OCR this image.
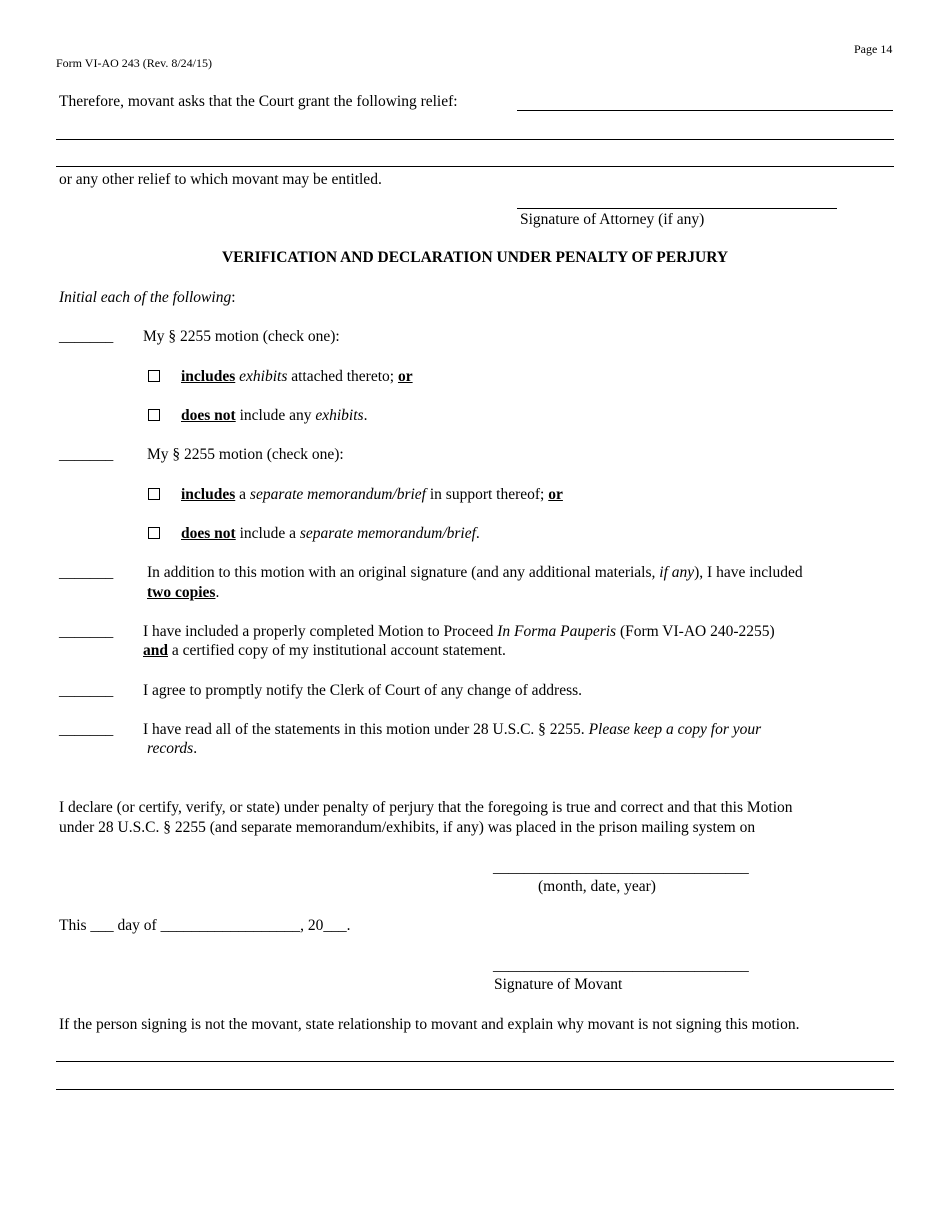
Form VI-AO 243 (Rev. 8/24/15)
Page 14
Therefore, movant asks that the Court grant the following relief:
or any other relief to which movant may be entitled.
Signature of Attorney (if any)
VERIFICATION AND DECLARATION UNDER PENALTY OF PERJURY
Initial each of the following:
_______ My § 2255 motion (check one):
includes exhibits attached thereto; or
does not include any exhibits.
_______ My § 2255 motion (check one):
includes a separate memorandum/brief in support thereof; or
does not include a separate memorandum/brief.
_______ In addition to this motion with an original signature (and any additional materials, if any), I have included
two copies.
_______ I have included a properly completed Motion to Proceed In Forma Pauperis (Form VI-AO 240-2255)
and a certified copy of my institutional account statement.
_______ I agree to promptly notify the Clerk of Court of any change of address.
_______ I have read all of the statements in this motion under 28 U.S.C. § 2255. Please keep a copy for your
records.
I declare (or certify, verify, or state) under penalty of perjury that the foregoing is true and correct and that this Motion
under 28 U.S.C. § 2255 (and separate memorandum/exhibits, if any) was placed in the prison mailing system on
_________________________________
(month, date, year)
This ___ day of __________________, 20___.
_________________________________
Signature of Movant
If the person signing is not the movant, state relationship to movant and explain why movant is not signing this motion.
